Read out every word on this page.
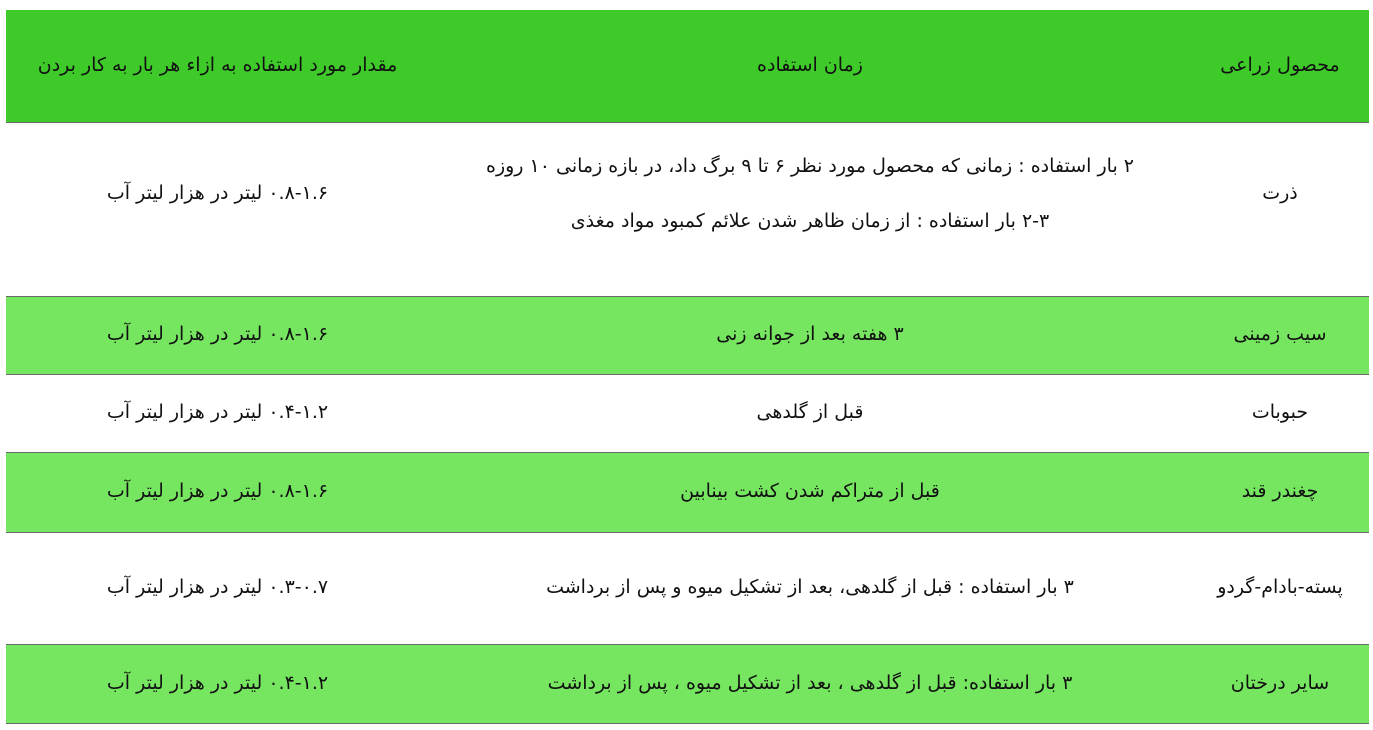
محصول زراعی	زمان استفاده	مقدار مورد استفاده به ازاء هر بار به کار بردن
ذرت	۲ بار استفاده : زمانی که محصول مورد نظر ۶ تا ۹ برگ داد، در بازه زمانی ۱۰ روزه
۲-۳ بار استفاده : از زمان ظاهر شدن علائم کمبود مواد مغذی	۰.۸-۱.۶ لیتر در هزار لیتر آب
سیب زمینی	۳ هفته بعد از جوانه زنی	۰.۸-۱.۶ لیتر در هزار لیتر آب
حبوبات	قبل از گلدهی	۰.۴-۱.۲ لیتر در هزار لیتر آب
چغندر قند	قبل از متراکم شدن کشت بینابین	۰.۸-۱.۶ لیتر در هزار لیتر آب
پسته-بادام-گردو	۳ بار استفاده : قبل از گلدهی، بعد از تشکیل میوه و پس از برداشت	۰.۳-۰.۷ لیتر در هزار لیتر آب
سایر درختان	۳ بار استفاده: قبل از گلدهی ، بعد از تشکیل میوه ، پس از برداشت	۰.۴-۱.۲ لیتر در هزار لیتر آب
